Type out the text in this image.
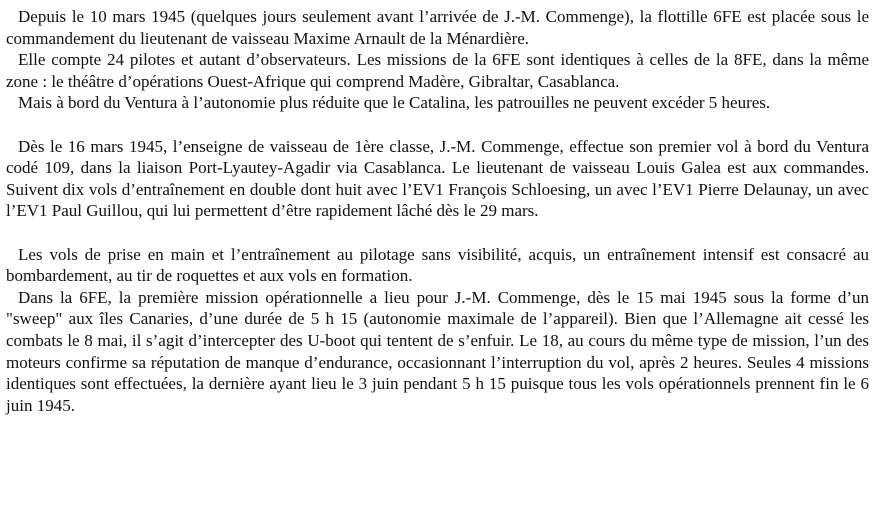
Depuis le 10 mars 1945 (quelques jours seulement avant l’arrivée de J.-M. Commenge), la flottille 6FE est placée sous le commandement du lieutenant de vaisseau Maxime Arnault de la Ménardière.

Elle compte 24 pilotes et autant d’observateurs. Les missions de la 6FE sont identiques à celles de la 8FE, dans la même zone : le théâtre d’opérations Ouest-Afrique qui comprend Madère, Gibraltar, Casablanca.

Mais à bord du Ventura à l’autonomie plus réduite que le Catalina, les patrouilles ne peuvent excéder 5 heures.

Dès le 16 mars 1945, l’enseigne de vaisseau de 1ère classe, J.-M. Commenge, effectue son premier vol à bord du Ventura codé 109, dans la liaison Port-Lyautey-Agadir via Casablanca. Le lieutenant de vaisseau Louis Galea est aux commandes. Suivent dix vols d’entraînement en double dont huit avec l’EV1 François Schloesing, un avec l’EV1 Pierre Delaunay, un avec l’EV1 Paul Guillou, qui lui permettent d’être rapidement lâché dès le 29 mars.

Les vols de prise en main et l’entraînement au pilotage sans visibilité, acquis, un entraînement intensif est consacré au bombardement, au tir de roquettes et aux vols en formation.

Dans la 6FE, la première mission opérationnelle a lieu pour J.-M. Commenge, dès le 15 mai 1945 sous la forme d’un "sweep" aux îles Canaries, d’une durée de 5 h 15 (autonomie maximale de l’appareil). Bien que l’Allemagne ait cessé les combats le 8 mai, il s’agit d’intercepter des U-boot qui tentent de s’enfuir. Le 18, au cours du même type de mission, l’un des moteurs confirme sa réputation de manque d’endurance, occasionnant l’interruption du vol, après 2 heures. Seules 4 missions identiques sont effectuées, la dernière ayant lieu le 3 juin pendant 5 h 15 puisque tous les vols opérationnels prennent fin le 6 juin 1945.
